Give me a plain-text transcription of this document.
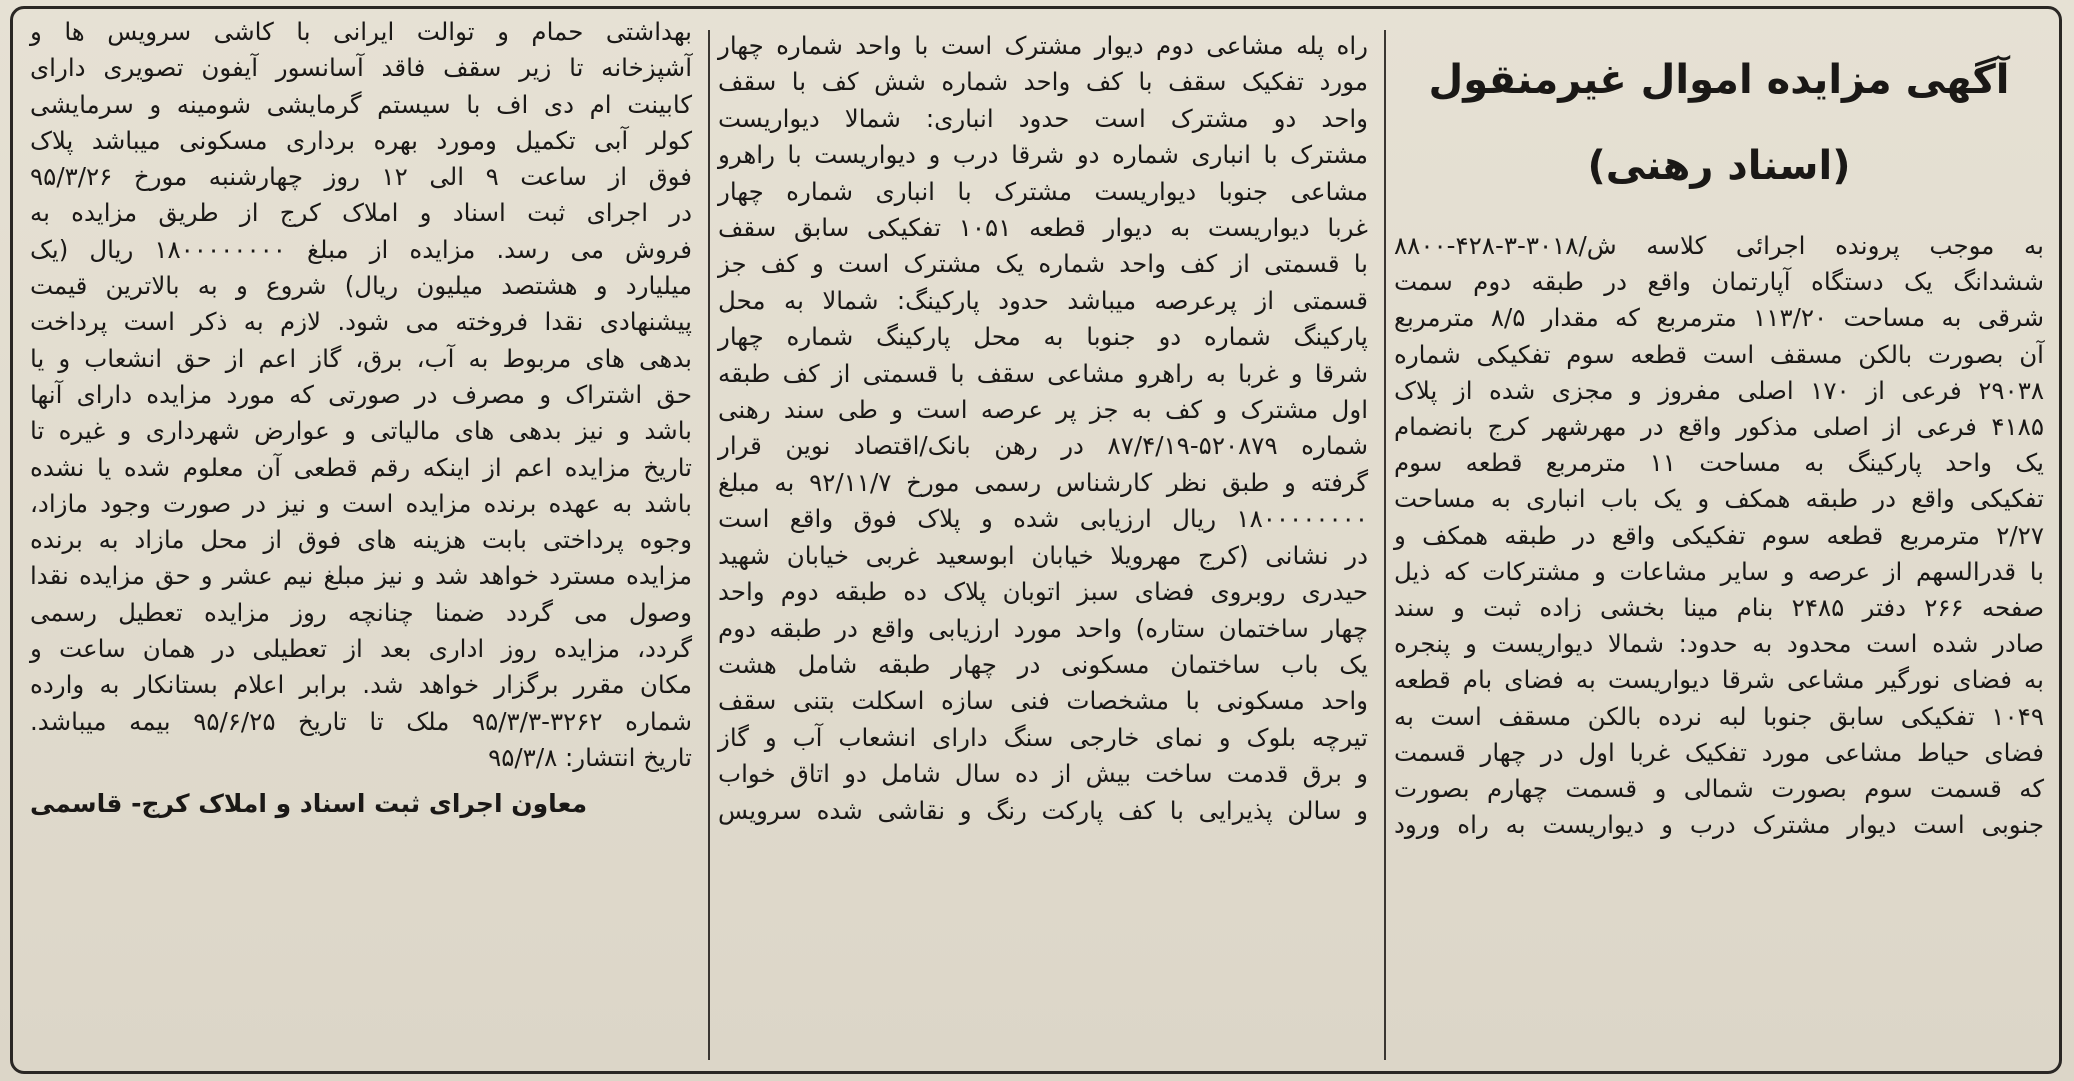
آگهی مزایده اموال غیرمنقول
(اسناد رهنی)
به موجب پرونده اجرائی کلاسه ش/۳۰۱۸-۳-۴۲۸-۸۸۰۰
ششدانگ یک دستگاه آپارتمان واقع در طبقه دوم سمت
شرقی به مساحت ۱۱۳/۲۰ مترمربع که مقدار ۸/۵ مترمربع
آن بصورت بالکن مسقف است قطعه سوم تفکیکی شماره
۲۹۰۳۸ فرعی از ۱۷۰ اصلی مفروز و مجزی شده از پلاک
۴۱۸۵ فرعی از اصلی مذکور واقع در مهرشهر کرج بانضمام
یک واحد پارکینگ به مساحت ۱۱ مترمربع قطعه سوم
تفکیکی واقع در طبقه همکف و یک باب انباری به مساحت
۲/۲۷ مترمربع قطعه سوم تفکیکی واقع در طبقه همکف و
با قدرالسهم از عرصه و سایر مشاعات و مشترکات که ذیل
صفحه ۲۶۶ دفتر ۲۴۸۵ بنام مینا بخشی زاده ثبت و سند
صادر شده است محدود به حدود: شمالا دیواریست و پنجره
به فضای نورگیر مشاعی شرقا دیواریست به فضای بام قطعه
۱۰۴۹ تفکیکی سابق جنوبا لبه نرده بالکن مسقف است به
فضای حیاط مشاعی مورد تفکیک غربا اول در چهار قسمت
که قسمت سوم بصورت شمالی و قسمت چهارم بصورت
جنوبی است دیوار مشترک درب و دیواریست به راه ورود
راه پله مشاعی دوم دیوار مشترک است با واحد شماره چهار
مورد تفکیک سقف با کف واحد شماره شش کف با سقف
واحد دو مشترک است حدود انباری: شمالا دیواریست
مشترک با انباری شماره دو شرقا درب و دیواریست با راهرو
مشاعی جنوبا دیواریست مشترک با انباری شماره چهار
غربا دیواریست به دیوار قطعه ۱۰۵۱ تفکیکی سابق سقف
با قسمتی از کف واحد شماره یک مشترک است و کف جز
قسمتی از پرعرصه میباشد حدود پارکینگ: شمالا به محل
پارکینگ شماره دو جنوبا به محل پارکینگ شماره چهار
شرقا و غربا به راهرو مشاعی سقف با قسمتی از کف طبقه
اول مشترک و کف به جز پر عرصه است و طی سند رهنی
شماره ۵۲۰۸۷۹-۸۷/۴/۱۹ در رهن بانک/اقتصاد نوین قرار
گرفته و طبق نظر کارشناس رسمی مورخ ۹۲/۱۱/۷ به مبلغ
۱۸۰۰۰۰۰۰۰۰ ریال ارزیابی شده و پلاک فوق واقع است
در نشانی (کرج مهرویلا خیابان ابوسعید غربی خیابان شهید
حیدری روبروی فضای سبز اتوبان پلاک ده طبقه دوم واحد
چهار ساختمان ستاره) واحد مورد ارزیابی واقع در طبقه دوم
یک باب ساختمان مسکونی در چهار طبقه شامل هشت
واحد مسکونی با مشخصات فنی سازه اسکلت بتنی سقف
تیرچه بلوک و نمای خارجی سنگ دارای انشعاب آب و گاز
و برق قدمت ساخت بیش از ده سال شامل دو اتاق خواب
و سالن پذیرایی با کف پارکت رنگ و نقاشی شده سرویس
بهداشتی حمام و توالت ایرانی با کاشی سرویس ها و
آشپزخانه تا زیر سقف فاقد آسانسور آیفون تصویری دارای
کابینت ام دی اف با سیستم گرمایشی شومینه و سرمایشی
کولر آبی تکمیل ومورد بهره برداری مسکونی میباشد پلاک
فوق از ساعت ۹ الی ۱۲ روز چهارشنبه مورخ ۹۵/۳/۲۶
در اجرای ثبت اسناد و املاک کرج از طریق مزایده به
فروش می رسد. مزایده از مبلغ ۱۸۰۰۰۰۰۰۰۰ ریال (یک
میلیارد و هشتصد میلیون ریال) شروع و به بالاترین قیمت
پیشنهادی نقدا فروخته می شود. لازم به ذکر است پرداخت
بدهی های مربوط به آب، برق، گاز اعم از حق انشعاب و یا
حق اشتراک و مصرف در صورتی که مورد مزایده دارای آنها
باشد و نیز بدهی های مالیاتی و عوارض شهرداری و غیره تا
تاریخ مزایده اعم از اینکه رقم قطعی آن معلوم شده یا نشده
باشد به عهده برنده مزایده است و نیز در صورت وجود مازاد،
وجوه پرداختی بابت هزینه های فوق از محل مازاد به برنده
مزایده مسترد خواهد شد و نیز مبلغ نیم عشر و حق مزایده نقدا
وصول می گردد ضمنا چنانچه روز مزایده تعطیل رسمی
گردد، مزایده روز اداری بعد از تعطیلی در همان ساعت و
مکان مقرر برگزار خواهد شد. برابر اعلام بستانکار به وارده
شماره ۳۲۶۲-۹۵/۳/۳ ملک تا تاریخ ۹۵/۶/۲۵ بیمه میباشد.
تاریخ انتشار: ۹۵/۳/۸
معاون اجرای ثبت اسناد و املاک کرج- قاسمی
